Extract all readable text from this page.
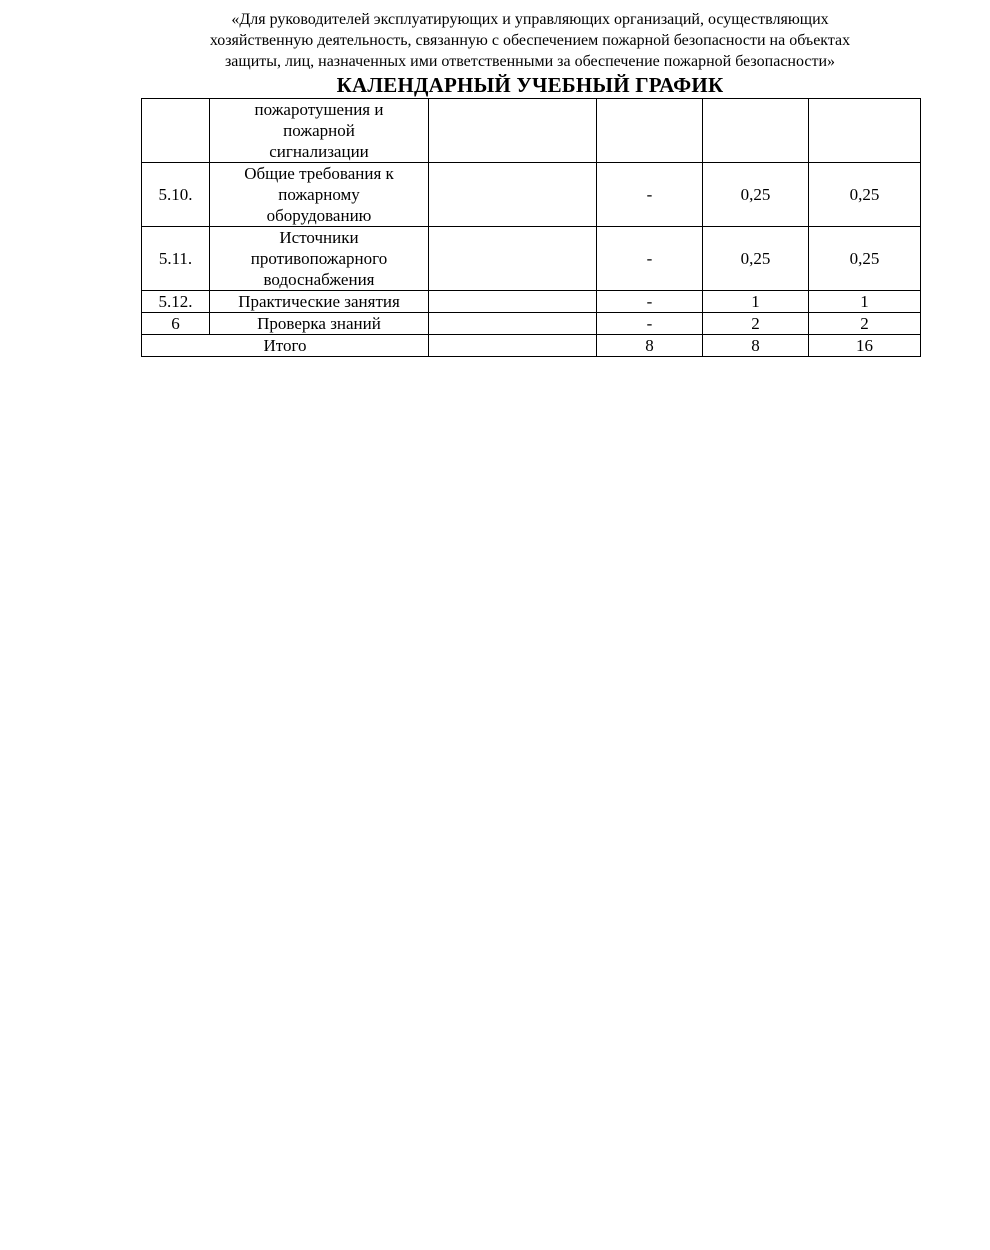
«Для руководителей эксплуатирующих и управляющих организаций, осуществляющих
хозяйственную деятельность, связанную с обеспечением пожарной безопасности на объектах
защиты, лиц, назначенных ими ответственными за обеспечение пожарной безопасности»
КАЛЕНДАРНЫЙ УЧЕБНЫЙ ГРАФИК

	пожаротушения и
пожарной
сигнализации				

5.10.	Общие требования к
пожарному
оборудованию		-	0,25	0,25
5.11.	Источники
противопожарного
водоснабжения		-	0,25	0,25
5.12.	Практические занятия		-	1	1
6	Проверка знаний		-	2	2
Итого			8	8	16
